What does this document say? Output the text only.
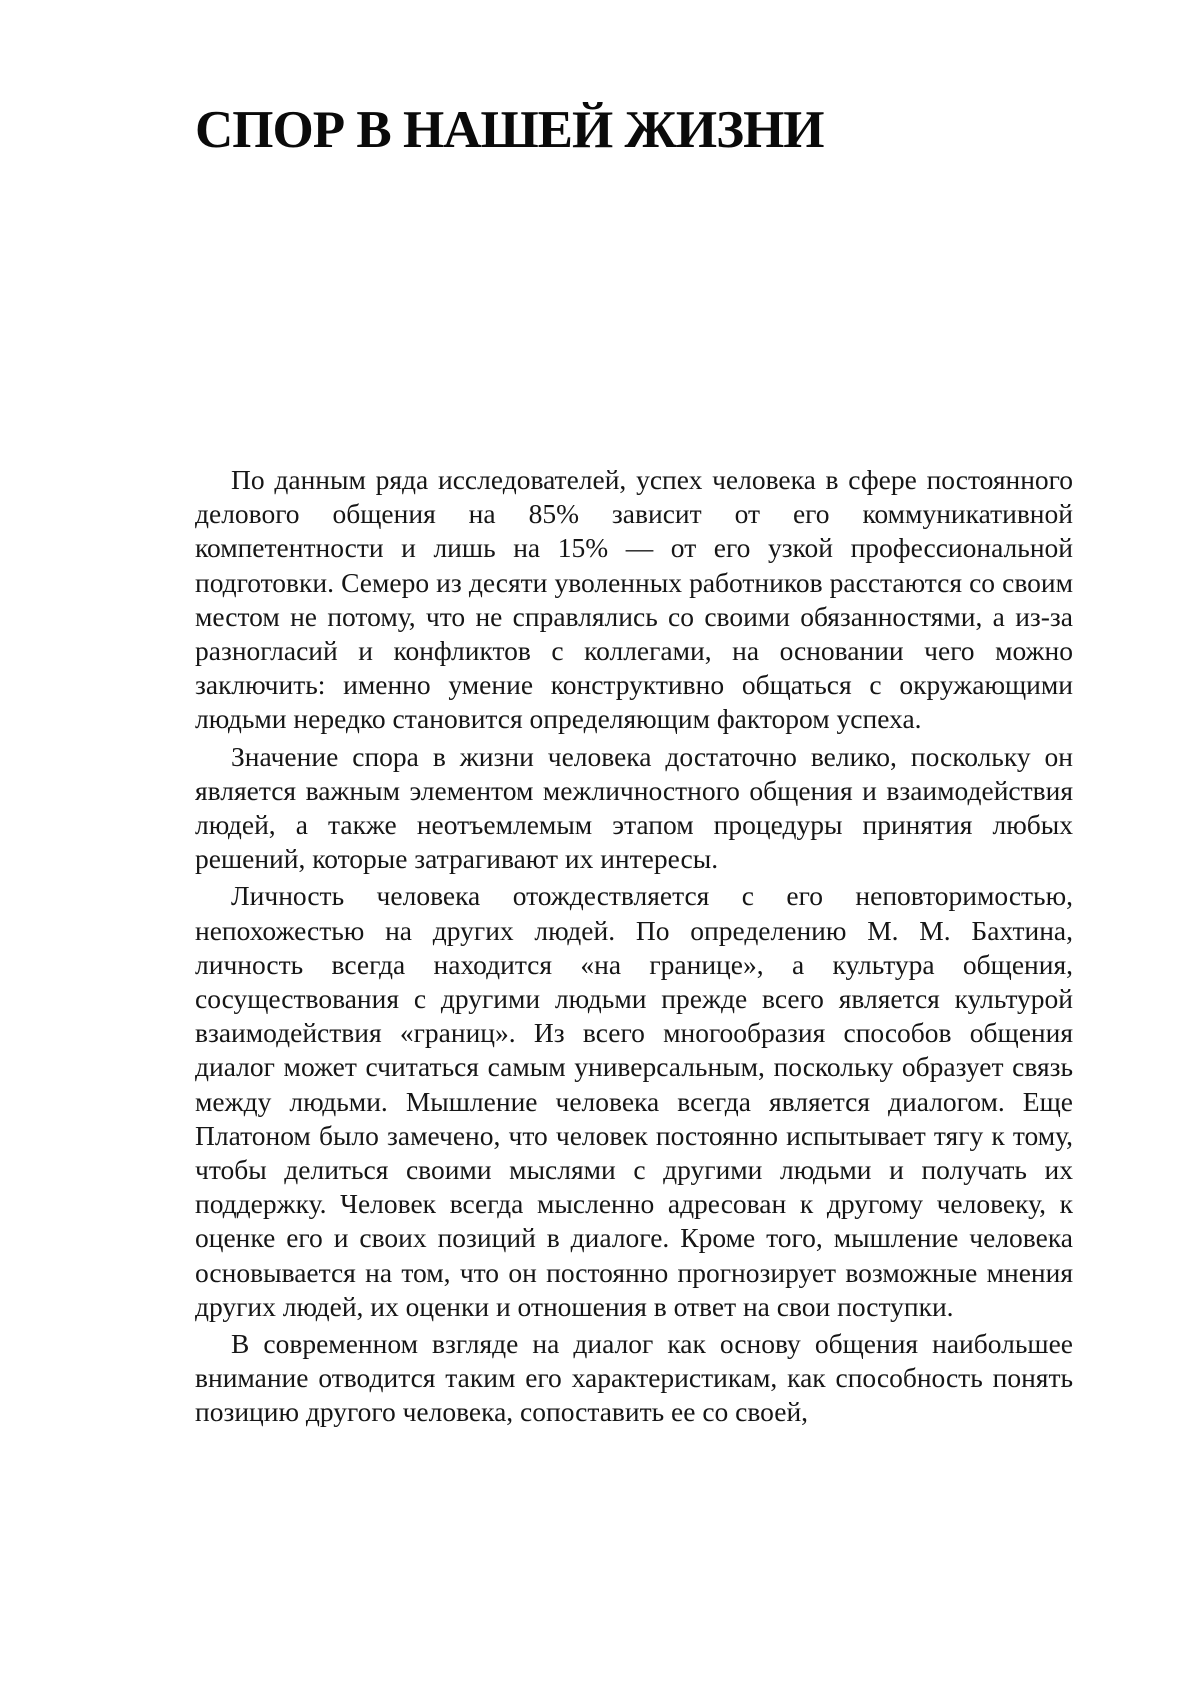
СПОР В НАШЕЙ ЖИЗНИ

По данным ряда исследователей, успех человека в сфере постоянного делового общения на 85% зависит от его коммуникативной компетентности и лишь на 15% — от его узкой профессиональной подготовки. Семеро из десяти уволенных работников расстаются со своим местом не потому, что не справлялись со своими обязанностями, а из-за разногласий и конфликтов с коллегами, на основании чего можно заключить: именно умение конструктивно общаться с окружающими людьми нередко становится определяющим фактором успеха.

Значение спора в жизни человека достаточно велико, поскольку он является важным элементом межличностного общения и взаимодействия людей, а также неотъемлемым этапом процедуры принятия любых решений, которые затрагивают их интересы.

Личность человека отождествляется с его неповторимостью, непохожестью на других людей. По определению М. М. Бахтина, личность всегда находится «на границе», а культура общения, сосуществования с другими людьми прежде всего является культурой взаимодействия «границ». Из всего многообразия способов общения диалог может считаться самым универсальным, поскольку образует связь между людьми. Мышление человека всегда является диалогом. Еще Платоном было замечено, что человек постоянно испытывает тягу к тому, чтобы делиться своими мыслями с другими людьми и получать их поддержку. Человек всегда мысленно адресован к другому человеку, к оценке его и своих позиций в диалоге. Кроме того, мышление человека основывается на том, что он постоянно прогнозирует возможные мнения других людей, их оценки и отношения в ответ на свои поступки.

В современном взгляде на диалог как основу общения наибольшее внимание отводится таким его характеристикам, как способность понять позицию другого человека, сопоставить ее со своей,
